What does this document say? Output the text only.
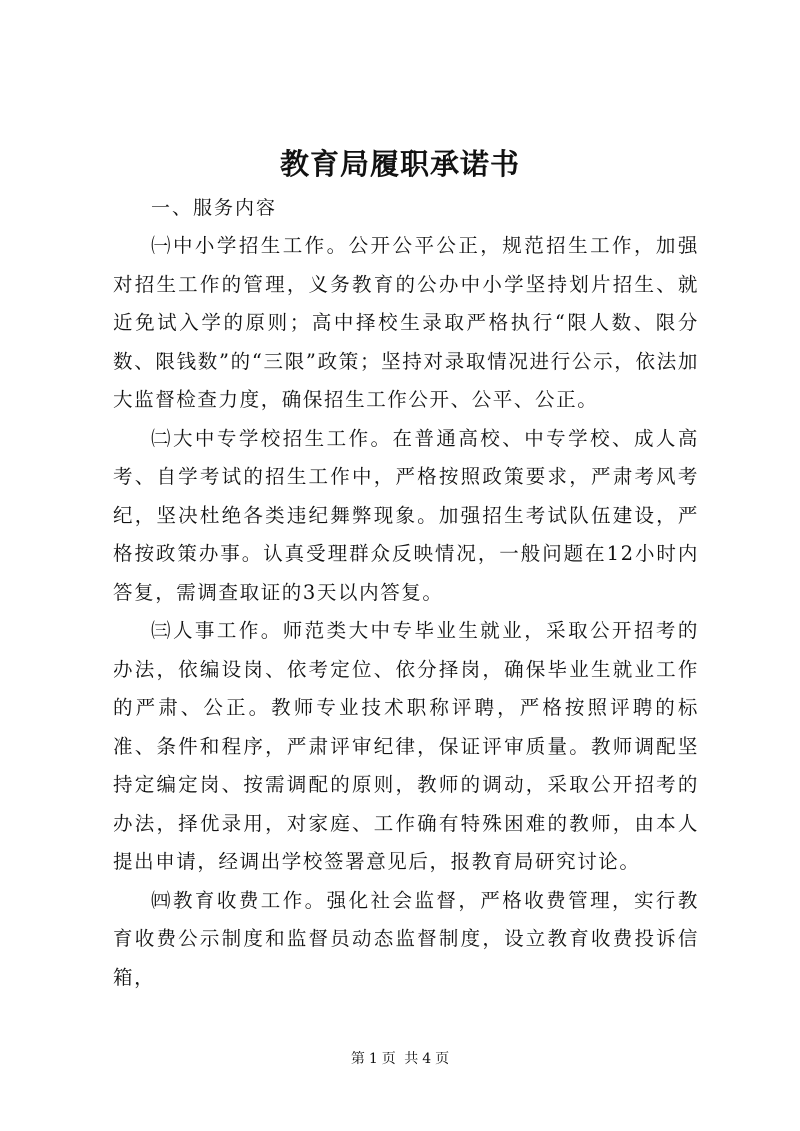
教育局履职承诺书

一、服务内容

㈠中小学招生工作。公开公平公正，规范招生工作，加强对招生工作的管理，义务教育的公办中小学坚持划片招生、就近免试入学的原则；高中择校生录取严格执行“限人数、限分数、限钱数”的“三限”政策；坚持对录取情况进行公示，依法加大监督检查力度，确保招生工作公开、公平、公正。

㈡大中专学校招生工作。在普通高校、中专学校、成人高考、自学考试的招生工作中，严格按照政策要求，严肃考风考纪，坚决杜绝各类违纪舞弊现象。加强招生考试队伍建设，严格按政策办事。认真受理群众反映情况，一般问题在12小时内答复，需调查取证的3天以内答复。

㈢人事工作。师范类大中专毕业生就业，采取公开招考的办法，依编设岗、依考定位、依分择岗，确保毕业生就业工作的严肃、公正。教师专业技术职称评聘，严格按照评聘的标准、条件和程序，严肃评审纪律，保证评审质量。教师调配坚持定编定岗、按需调配的原则，教师的调动，采取公开招考的办法，择优录用，对家庭、工作确有特殊困难的教师，由本人提出申请，经调出学校签署意见后，报教育局研究讨论。

㈣教育收费工作。强化社会监督，严格收费管理，实行教育收费公示制度和监督员动态监督制度，设立教育收费投诉信箱，

第 1 页 共 4 页
